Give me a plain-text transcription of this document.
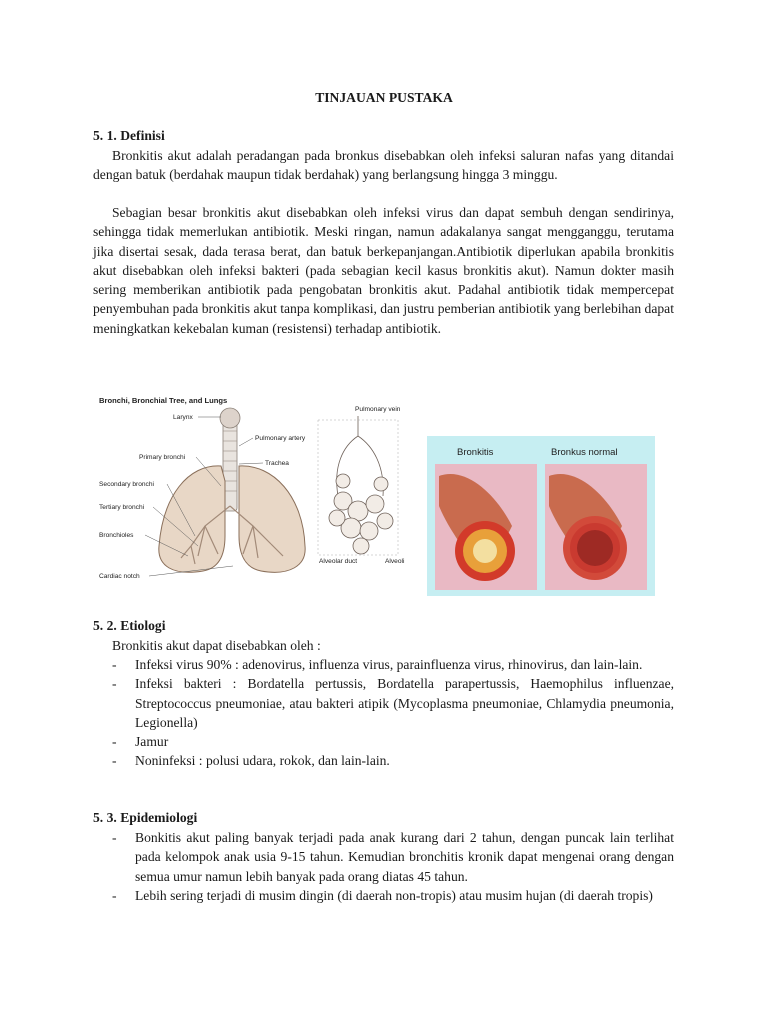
TINJAUAN PUSTAKA
5. 1. Definisi
Bronkitis akut adalah peradangan pada bronkus disebabkan oleh infeksi saluran nafas yang ditandai dengan batuk (berdahak maupun tidak berdahak) yang berlangsung hingga 3 minggu.
Sebagian besar bronkitis akut disebabkan oleh infeksi virus dan dapat sembuh dengan sendirinya, sehingga tidak memerlukan antibiotik. Meski ringan, namun adakalanya sangat mengganggu, terutama jika disertai sesak, dada terasa berat, dan batuk berkepanjangan.Antibiotik diperlukan apabila bronkitis akut disebabkan oleh infeksi bakteri (pada sebagian kecil kasus bronkitis akut). Namun dokter masih sering memberikan antibiotik pada pengobatan bronkitis akut. Padahal antibiotik tidak mempercepat penyembuhan pada bronkitis akut tanpa komplikasi, dan justru pemberian antibiotik yang berlebihan dapat meningkatkan kekebalan kuman (resistensi) terhadap antibiotik.
Bronchi, Bronchial Tree, and Lungs
Larynx
Primary bronchi
Secondary bronchi
Tertiary bronchi
Bronchioles
Cardiac notch
Pulmonary artery
Trachea
Pulmonary vein
Alveolar duct	Alveoli
Bronkitis	Bronkus normal
5. 2. Etiologi
Bronkitis akut dapat disebabkan oleh :
- Infeksi virus 90% : adenovirus, influenza virus, parainfluenza virus, rhinovirus, dan lain-lain.
- Infeksi bakteri : Bordatella pertussis, Bordatella parapertussis, Haemophilus influenzae, Streptococcus pneumoniae, atau bakteri atipik (Mycoplasma pneumoniae, Chlamydia pneumonia, Legionella)
- Jamur
- Noninfeksi : polusi udara, rokok, dan lain-lain.
5. 3. Epidemiologi
- Bonkitis akut paling banyak terjadi pada anak kurang dari 2 tahun, dengan puncak lain terlihat pada kelompok anak usia 9-15 tahun. Kemudian bronchitis kronik dapat mengenai orang dengan semua umur namun lebih banyak pada orang diatas 45 tahun.
- Lebih sering terjadi di musim dingin (di daerah non-tropis) atau musim hujan (di daerah tropis)
